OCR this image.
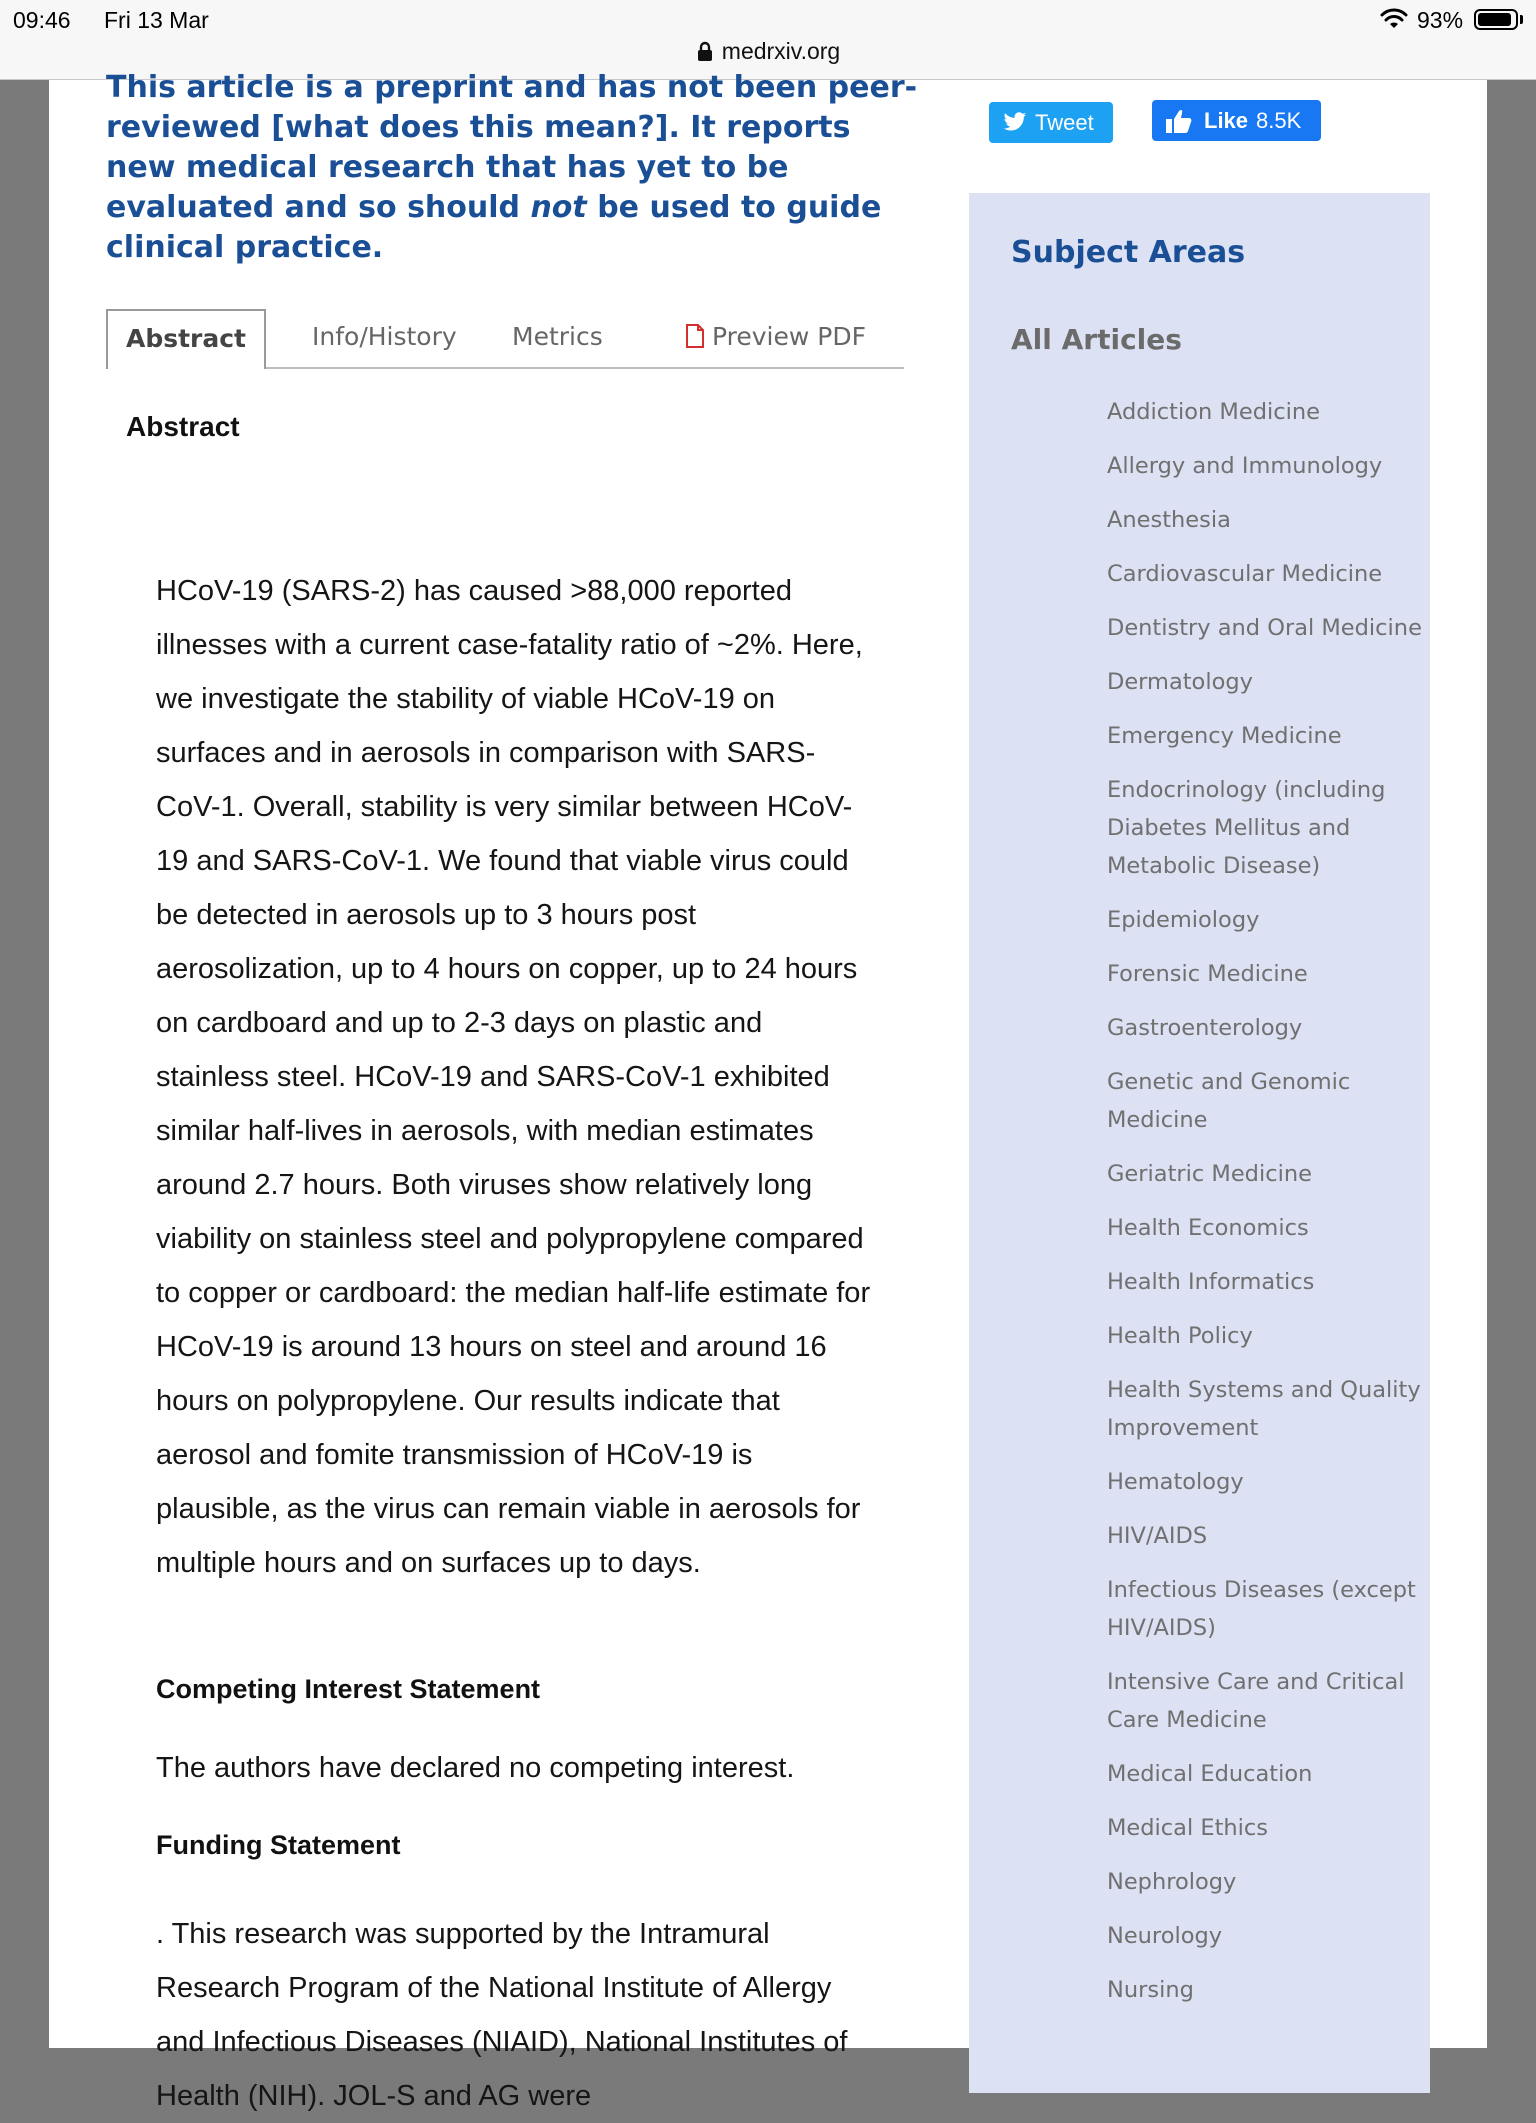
09:46 Fri 13 Mar	93%
medrxiv.org
This article is a preprint and has not been peer-reviewed [what does this mean?]. It reports new medical research that has yet to be evaluated and so should not be used to guide clinical practice.
Tweet	Like 8.5K
Abstract	Info/History Metrics	Preview PDF
Abstract

HCoV-19 (SARS-2) has caused >88,000 reported illnesses with a current case-fatality ratio of ~2%. Here, we investigate the stability of viable HCoV-19 on surfaces and in aerosols in comparison with SARS-CoV-1. Overall, stability is very similar between HCoV-19 and SARS-CoV-1. We found that viable virus could be detected in aerosols up to 3 hours post aerosolization, up to 4 hours on copper, up to 24 hours on cardboard and up to 2-3 days on plastic and stainless steel. HCoV-19 and SARS-CoV-1 exhibited similar half-lives in aerosols, with median estimates around 2.7 hours. Both viruses show relatively long viability on stainless steel and polypropylene compared to copper or cardboard: the median half-life estimate for HCoV-19 is around 13 hours on steel and around 16 hours on polypropylene. Our results indicate that aerosol and fomite transmission of HCoV-19 is plausible, as the virus can remain viable in aerosols for multiple hours and on surfaces up to days.

Competing Interest Statement
The authors have declared no competing interest.
Funding Statement

. This research was supported by the Intramural Research Program of the National Institute of Allergy and Infectious Diseases (NIAID), National Institutes of Health (NIH). JOL-S and AG were

Subject Areas
All Articles
Addiction Medicine
Allergy and Immunology
Anesthesia
Cardiovascular Medicine
Dentistry and Oral Medicine
Dermatology
Emergency Medicine
Endocrinology (including Diabetes Mellitus and Metabolic Disease)
Epidemiology
Forensic Medicine
Gastroenterology
Genetic and Genomic Medicine
Geriatric Medicine
Health Economics
Health Informatics
Health Policy
Health Systems and Quality Improvement
Hematology
HIV/AIDS
Infectious Diseases (except HIV/AIDS)
Intensive Care and Critical Care Medicine
Medical Education
Medical Ethics
Nephrology
Neurology
Nursing
